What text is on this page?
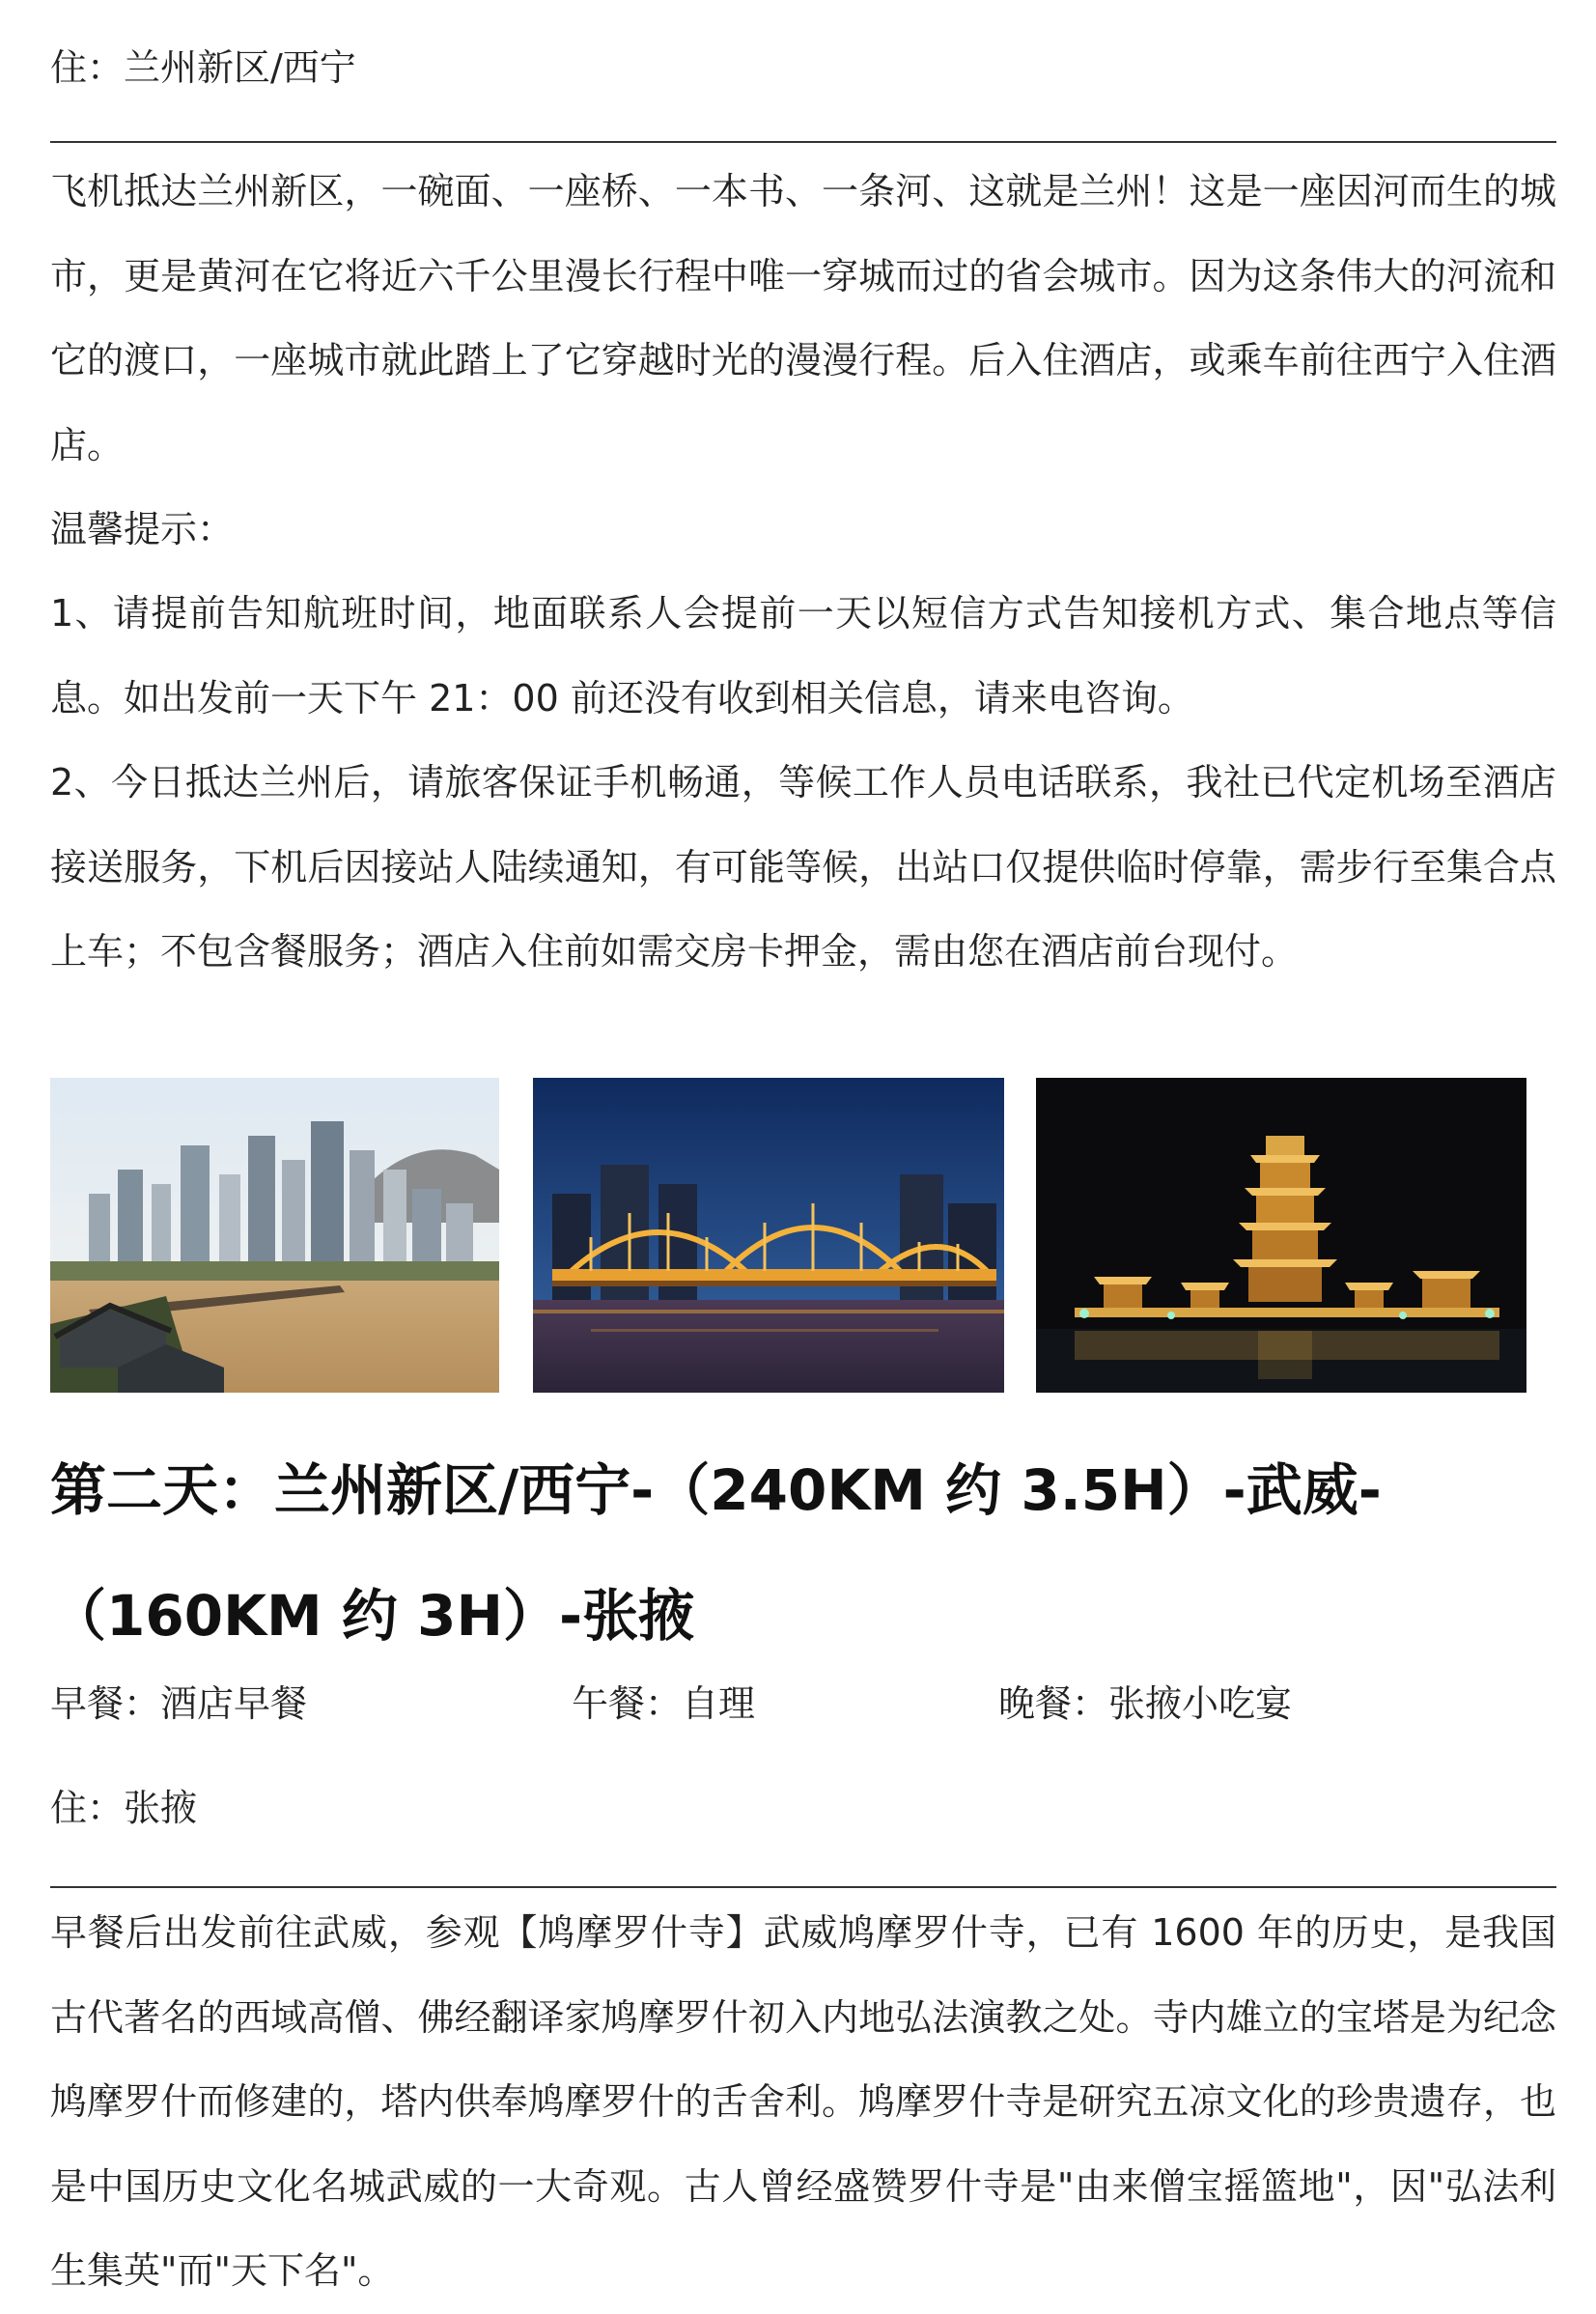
住：兰州新区/西宁

飞机抵达兰州新区，一碗面、一座桥、一本书、一条河、这就是兰州！这是一座因河而生的城市，更是黄河在它将近六千公里漫长行程中唯一穿城而过的省会城市。因为这条伟大的河流和它的渡口，一座城市就此踏上了它穿越时光的漫漫行程。后入住酒店，或乘车前往西宁入住酒店。

温馨提示：

1、请提前告知航班时间，地面联系人会提前一天以短信方式告知接机方式、集合地点等信息。如出发前一天下午 21：00 前还没有收到相关信息，请来电咨询。

2、今日抵达兰州后，请旅客保证手机畅通，等候工作人员电话联系，我社已代定机场至酒店接送服务，下机后因接站人陆续通知，有可能等候，出站口仅提供临时停靠，需步行至集合点上车；不包含餐服务；酒店入住前如需交房卡押金，需由您在酒店前台现付。

第二天：兰州新区/西宁-（240KM 约 3.5H）-武威-
（160KM 约 3H）-张掖

早餐：酒店早餐	午餐：自理	晚餐：张掖小吃宴

住：张掖

早餐后出发前往武威，参观【鸠摩罗什寺】武威鸠摩罗什寺，已有 1600 年的历史，是我国古代著名的西域高僧、佛经翻译家鸠摩罗什初入内地弘法演教之处。寺内雄立的宝塔是为纪念鸠摩罗什而修建的，塔内供奉鸠摩罗什的舌舍利。鸠摩罗什寺是研究五凉文化的珍贵遗存，也是中国历史文化名城武威的一大奇观。古人曾经盛赞罗什寺是"由来僧宝摇篮地"，因"弘法利生集英"而"天下名"。
